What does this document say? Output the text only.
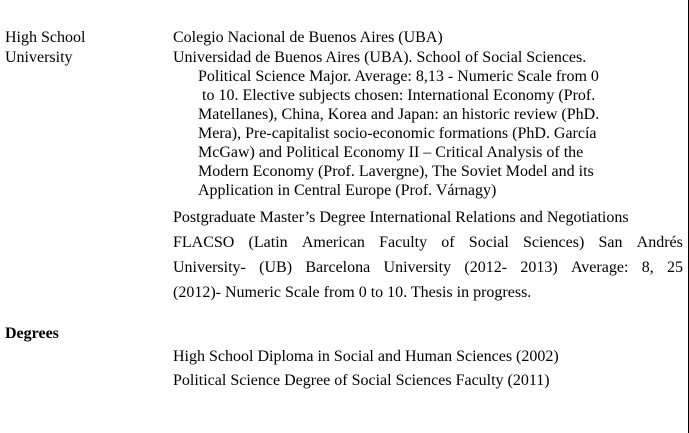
High School	Colegio Nacional de Buenos Aires (UBA)
University	Universidad de Buenos Aires (UBA). School of Social Sciences.
Political Science Major. Average: 8,13 - Numeric Scale from 0
to 10. Elective subjects chosen: International Economy (Prof.
Matellanes), China, Korea and Japan: an historic review (PhD.
Mera), Pre-capitalist socio-economic formations (PhD. García
McGaw) and Political Economy II – Critical Analysis of the
Modern Economy (Prof. Lavergne), The Soviet Model and its
Application in Central Europe (Prof. Várnagy)
Postgraduate Master’s Degree International Relations and Negotiations
FLACSO (Latin American Faculty of Social Sciences) San Andrés
University- (UB) Barcelona University (2012- 2013) Average: 8, 25
(2012)- Numeric Scale from 0 to 10. Thesis in progress.
Degrees
High School Diploma in Social and Human Sciences (2002)
Political Science Degree of Social Sciences Faculty (2011)
